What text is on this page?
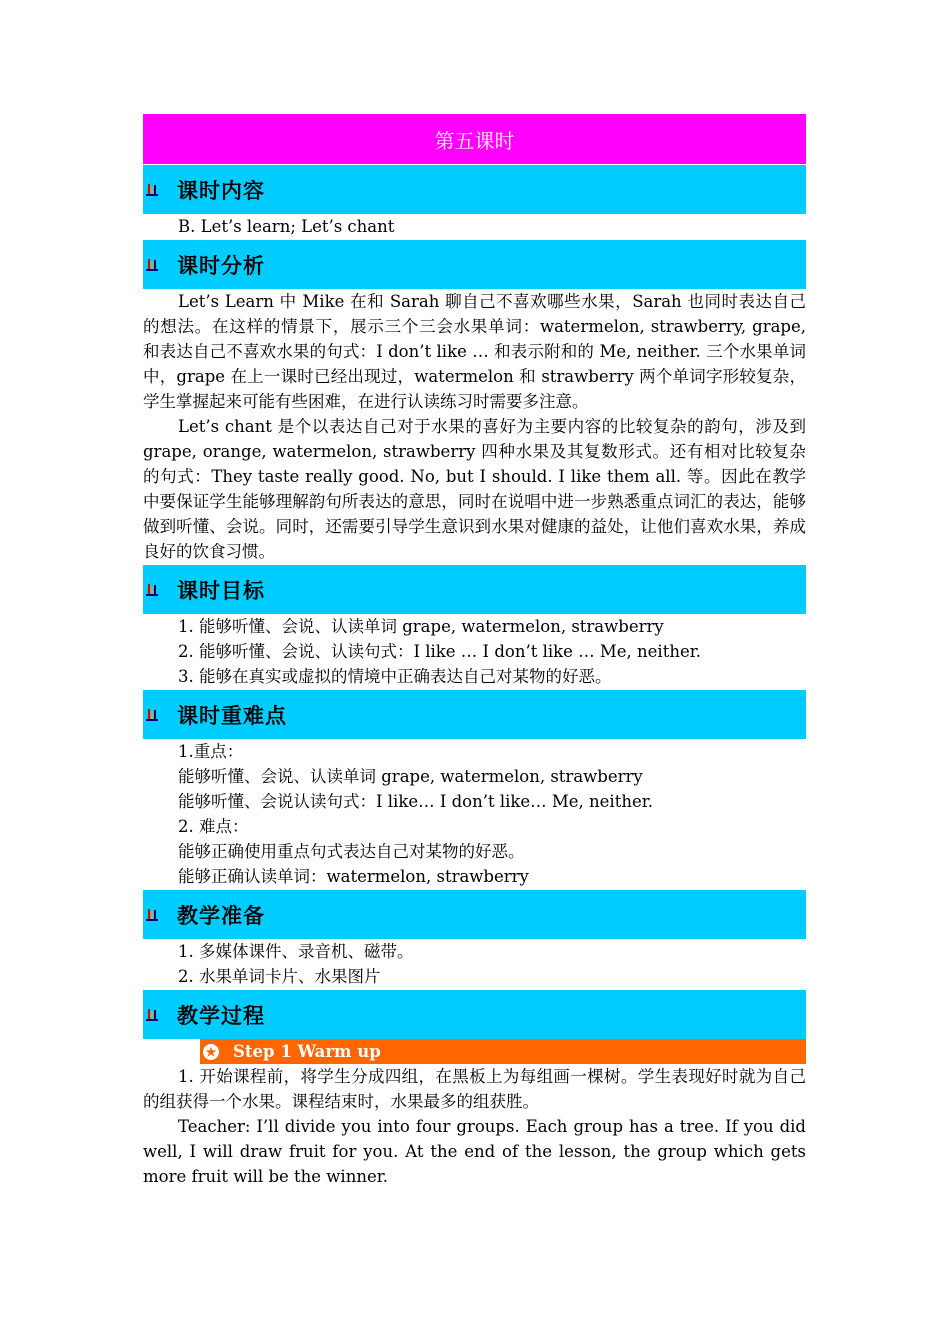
第五课时
课时内容

B. Let’s learn; Let’s chant

课时分析

Let’s Learn 中 Mike 在和 Sarah 聊自己不喜欢哪些水果，Sarah 也同时表达自己的想法。在这样的情景下，展示三个三会水果单词：watermelon, strawberry, grape, 和表达自己不喜欢水果的句式：I don’t like … 和表示附和的 Me, neither. 三个水果单词中，grape 在上一课时已经出现过，watermelon 和 strawberry 两个单词字形较复杂，学生掌握起来可能有些困难，在进行认读练习时需要多注意。

Let’s chant 是个以表达自己对于水果的喜好为主要内容的比较复杂的韵句，涉及到 grape, orange, watermelon, strawberry 四种水果及其复数形式。还有相对比较复杂的句式：They taste really good. No, but I should. I like them all. 等。因此在教学中要保证学生能够理解韵句所表达的意思，同时在说唱中进一步熟悉重点词汇的表达，能够做到听懂、会说。同时，还需要引导学生意识到水果对健康的益处，让他们喜欢水果，养成良好的饮食习惯。

课时目标

1. 能够听懂、会说、认读单词 grape, watermelon, strawberry

2. 能够听懂、会说、认读句式：I like … I don’t like … Me, neither.

3. 能够在真实或虚拟的情境中正确表达自己对某物的好恶。

课时重难点

1.重点：

能够听懂、会说、认读单词 grape, watermelon, strawberry

能够听懂、会说认读句式：I like… I don’t like… Me, neither.

2. 难点：

能够正确使用重点句式表达自己对某物的好恶。

能够正确认读单词：watermelon, strawberry

教学准备

1. 多媒体课件、录音机、磁带。

2. 水果单词卡片、水果图片

教学过程
★ Step 1 Warm up

1. 开始课程前，将学生分成四组，在黑板上为每组画一棵树。学生表现好时就为自己的组获得一个水果。课程结束时，水果最多的组获胜。

Teacher: I’ll divide you into four groups. Each group has a tree. If you did well, I will draw fruit for you. At the end of the lesson, the group which gets more fruit will be the winner.
